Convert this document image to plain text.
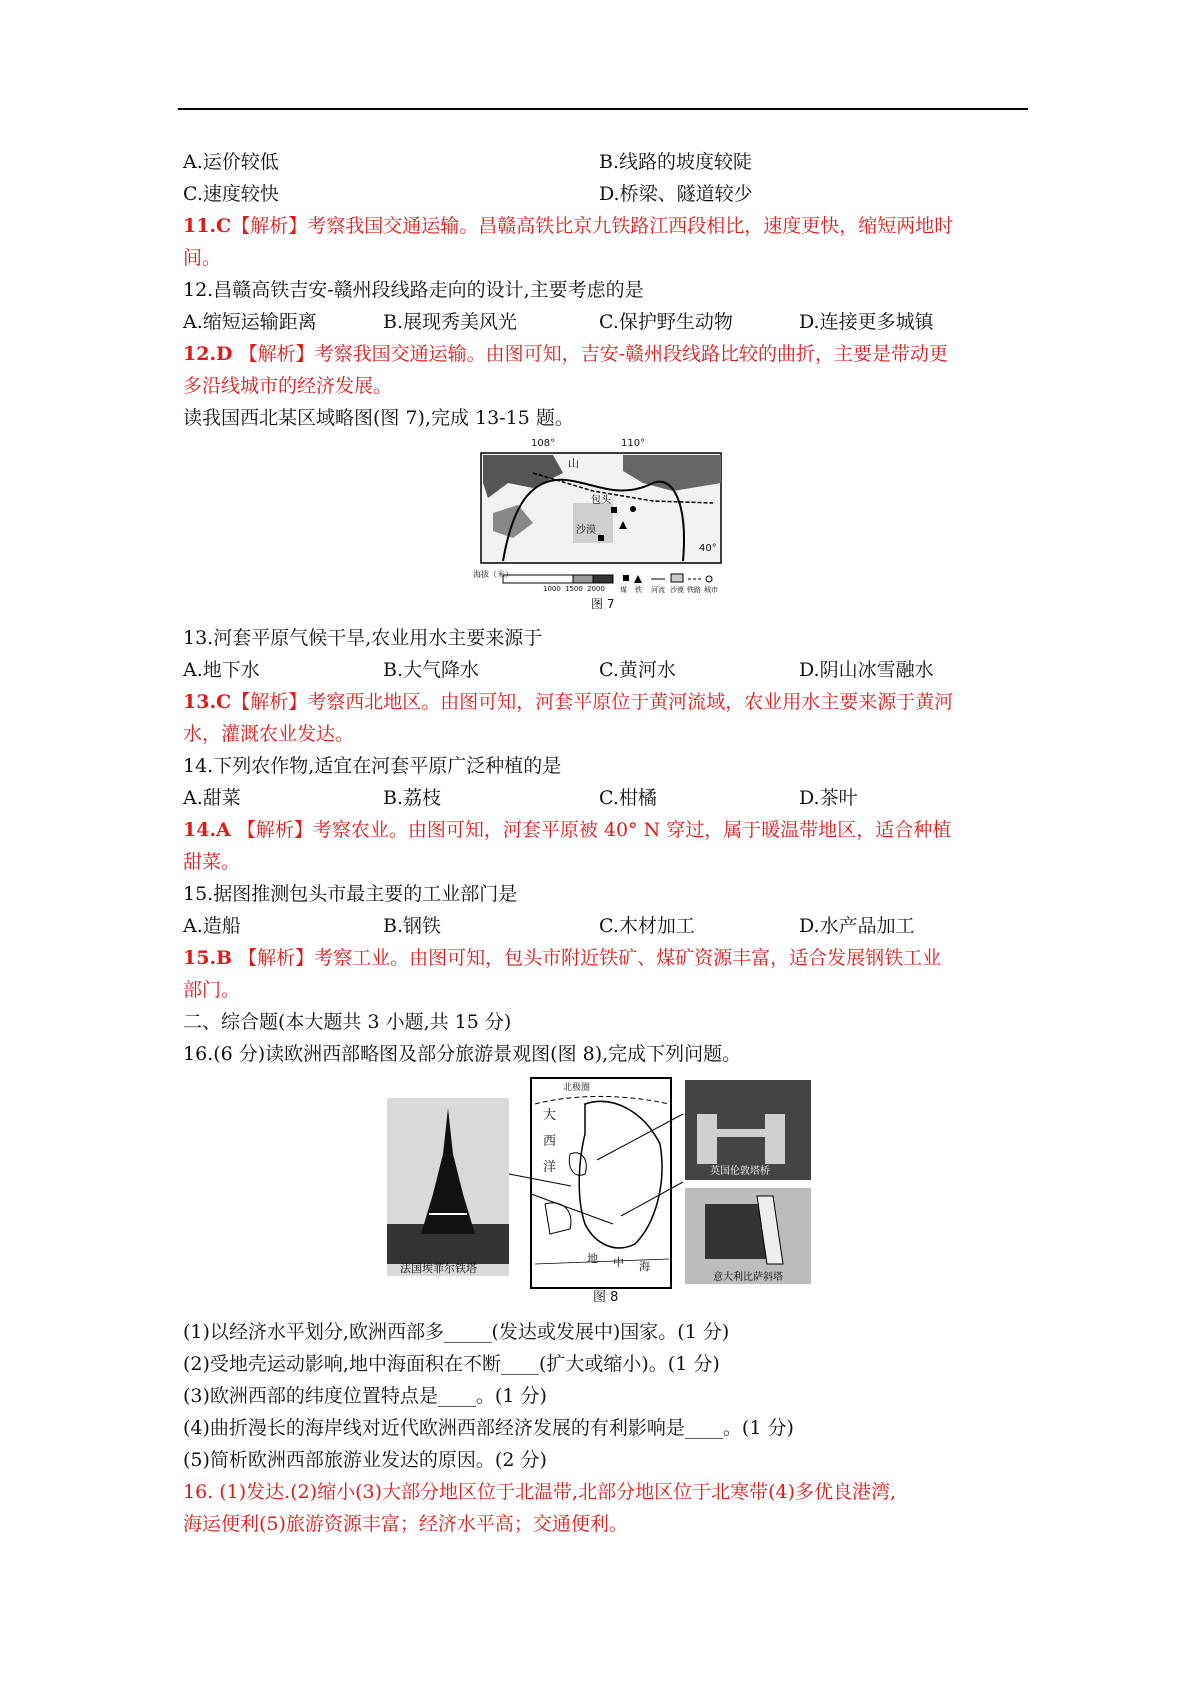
A.运价较低	B.线路的坡度较陡
C.速度较快	D.桥梁、隧道较少
11.C【解析】考察我国交通运输。昌赣高铁比京九铁路江西段相比，速度更快，缩短两地时
间。
12.昌赣高铁吉安-赣州段线路走向的设计,主要考虑的是
A.缩短运输距离	B.展现秀美风光	C.保护野生动物	D.连接更多城镇
12.D 【解析】考察我国交通运输。由图可知，吉安-赣州段线路比较的曲折，主要是带动更
多沿线城市的经济发展。
读我国西北某区域略图(图 7),完成 13-15 题。
108°	110°
40°
山
包头
沙漠
海拔（米）
1000 1500 2000 煤 铁 河流 沙漠 铁路 城市
图 7
13.河套平原气候干旱,农业用水主要来源于
A.地下水	B.大气降水	C.黄河水	D.阴山冰雪融水
13.C【解析】考察西北地区。由图可知，河套平原位于黄河流域，农业用水主要来源于黄河
水，灌溉农业发达。
14.下列农作物,适宜在河套平原广泛种植的是
A.甜菜	B.荔枝	C.柑橘	D.茶叶
14.A 【解析】考察农业。由图可知，河套平原被 40° N 穿过，属于暖温带地区，适合种植
甜菜。
15.据图推测包头市最主要的工业部门是
A.造船	B.钢铁	C.木材加工	D.水产品加工
15.B 【解析】考察工业。由图可知，包头市附近铁矿、煤矿资源丰富，适合发展钢铁工业
部门。
二、综合题(本大题共 3 小题,共 15 分)
16.(6 分)读欧洲西部略图及部分旅游景观图(图 8),完成下列问题。
法国埃菲尔铁塔
英国伦敦塔桥
意大利比萨斜塔
北极圈
大
西
洋
地 中 海
图 8
(1)以经济水平划分,欧洲西部多_____(发达或发展中)国家。(1 分)
(2)受地壳运动影响,地中海面积在不断____(扩大或缩小)。(1 分)
(3)欧洲西部的纬度位置特点是____。(1 分)
(4)曲折漫长的海岸线对近代欧洲西部经济发展的有利影响是____。(1 分)
(5)简析欧洲西部旅游业发达的原因。(2 分)
16. (1)发达.(2)缩小(3)大部分地区位于北温带,北部分地区位于北寒带(4)多优良港湾,
海运便利(5)旅游资源丰富；经济水平高；交通便利。
